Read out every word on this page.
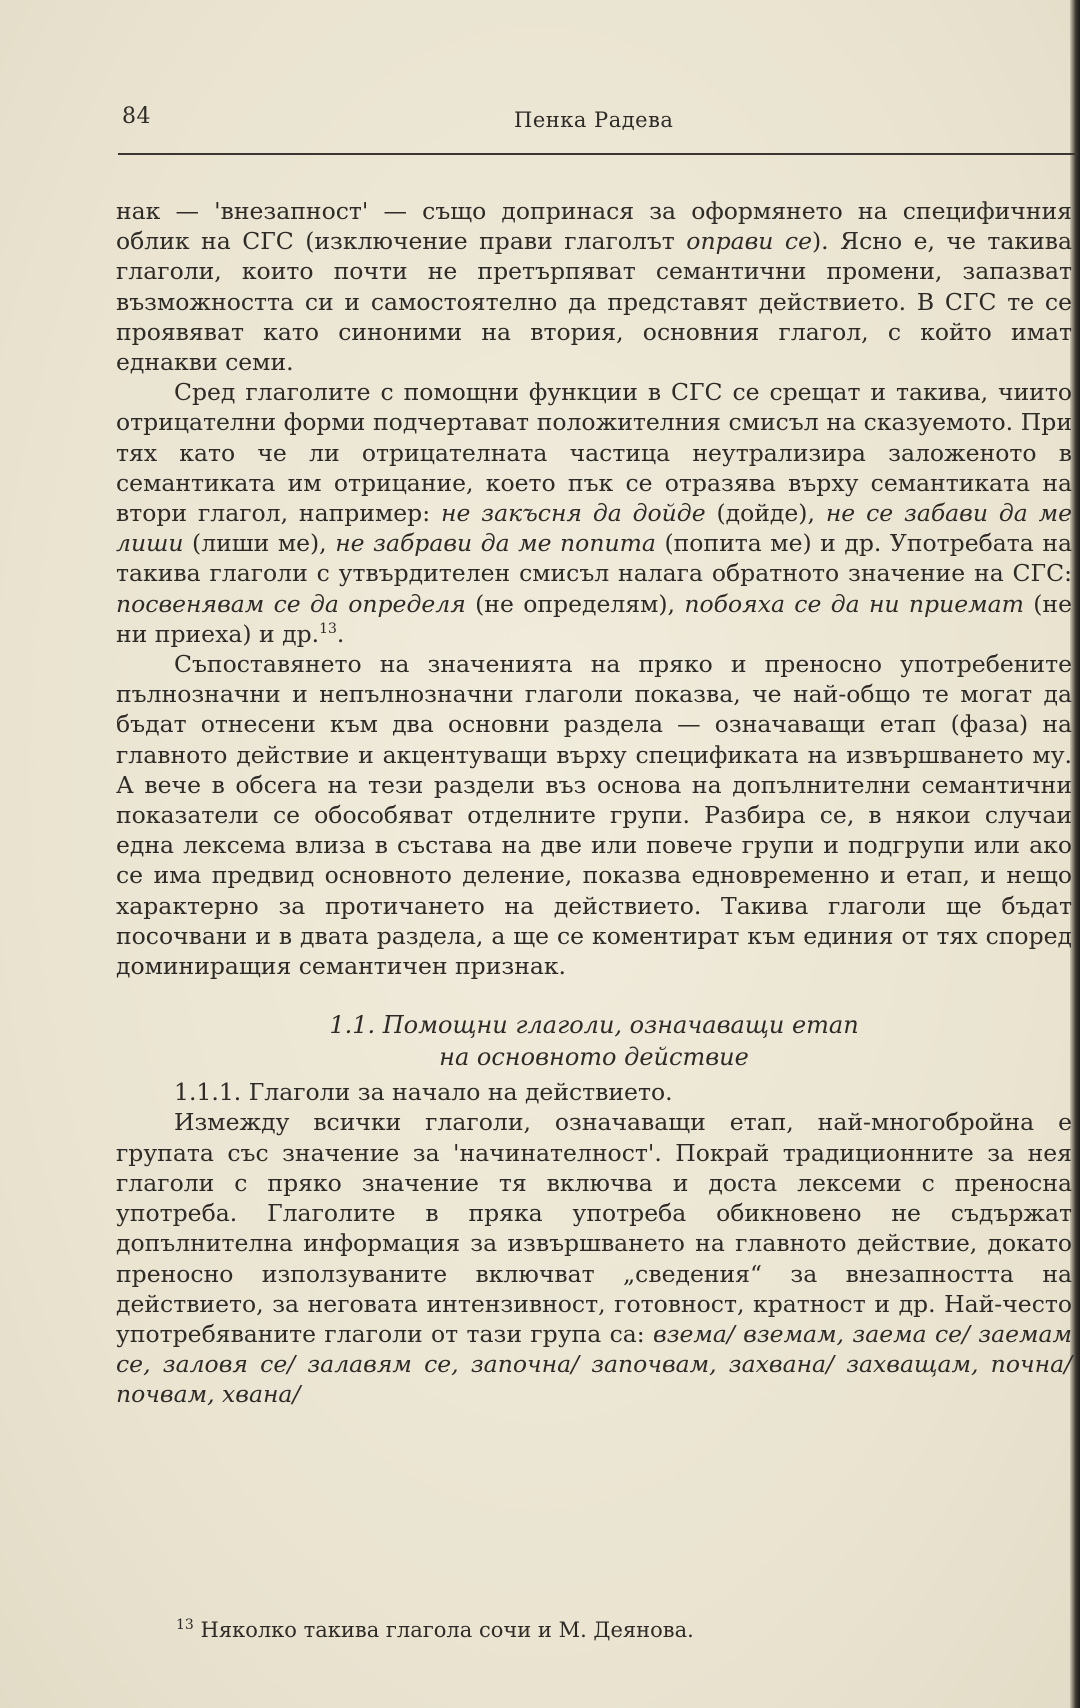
84	Пенка Радева

нак — 'внезапност' — също допринася за оформянето на специфичния облик на СГС (изключение прави глаголът оправи се). Ясно е, че такива глаголи, които почти не претърпяват семантични промени, запазват възможността си и самостоятелно да представят действието. В СГС те се проявяват като синоними на втория, основния глагол, с който имат еднакви семи.

Сред глаголите с помощни функции в СГС се срещат и такива, чиито отрицателни форми подчертават положителния смисъл на сказуемото. При тях като че ли отрицателната частица неутрализира заложеното в семантиката им отрицание, което пък се отразява върху семантиката на втори глагол, например: не закъсня да дойде (дойде), не се забави да ме лиши (лиши ме), не забрави да ме попита (попита ме) и др. Употребата на такива глаголи с утвърдителен смисъл налага обратното значение на СГС: посвенявам се да определя (не определям), побояха се да ни приемат (не ни приеха) и др.$^{13}$.

Съпоставянето на значенията на пряко и преносно употребените пълнозначни и непълнозначни глаголи показва, че най-общо те могат да бъдат отнесени към два основни раздела — означаващи етап (фаза) на главното действие и акцентуващи върху спецификата на извършването му. А вече в обсега на тези раздели въз основа на допълнителни семантични показатели се обособяват отделните групи. Разбира се, в някои случаи една лексема влиза в състава на две или повече групи и подгрупи или ако се има предвид основното деление, показва едновременно и етап, и нещо характерно за протичането на действието. Такива глаголи ще бъдат посочвани и в двата раздела, а ще се коментират към единия от тях според доминиращия семантичен признак.

1.1. Помощни глаголи, означаващи етап
на основното действие

1.1.1. Глаголи за начало на действието.

Измежду всички глаголи, означаващи етап, най-многобройна е групата със значение за 'начинателност'. Покрай традиционните за нея глаголи с пряко значение тя включва и доста лексеми с преносна употреба. Глаголите в пряка употреба обикновено не съдържат допълнителна информация за извършването на главното действие, докато преносно използуваните включват „сведения“ за внезапността на действието, за неговата интензивност, готовност, кратност и др. Най-често употребяваните глаголи от тази група са: взема/ вземам, заема се/ заемам се, заловя се/ залавям се, започна/ започвам, захвана/ захващам, почна/ почвам, хвана/

$^{13}$ Няколко такива глагола сочи и М. Деянова.
